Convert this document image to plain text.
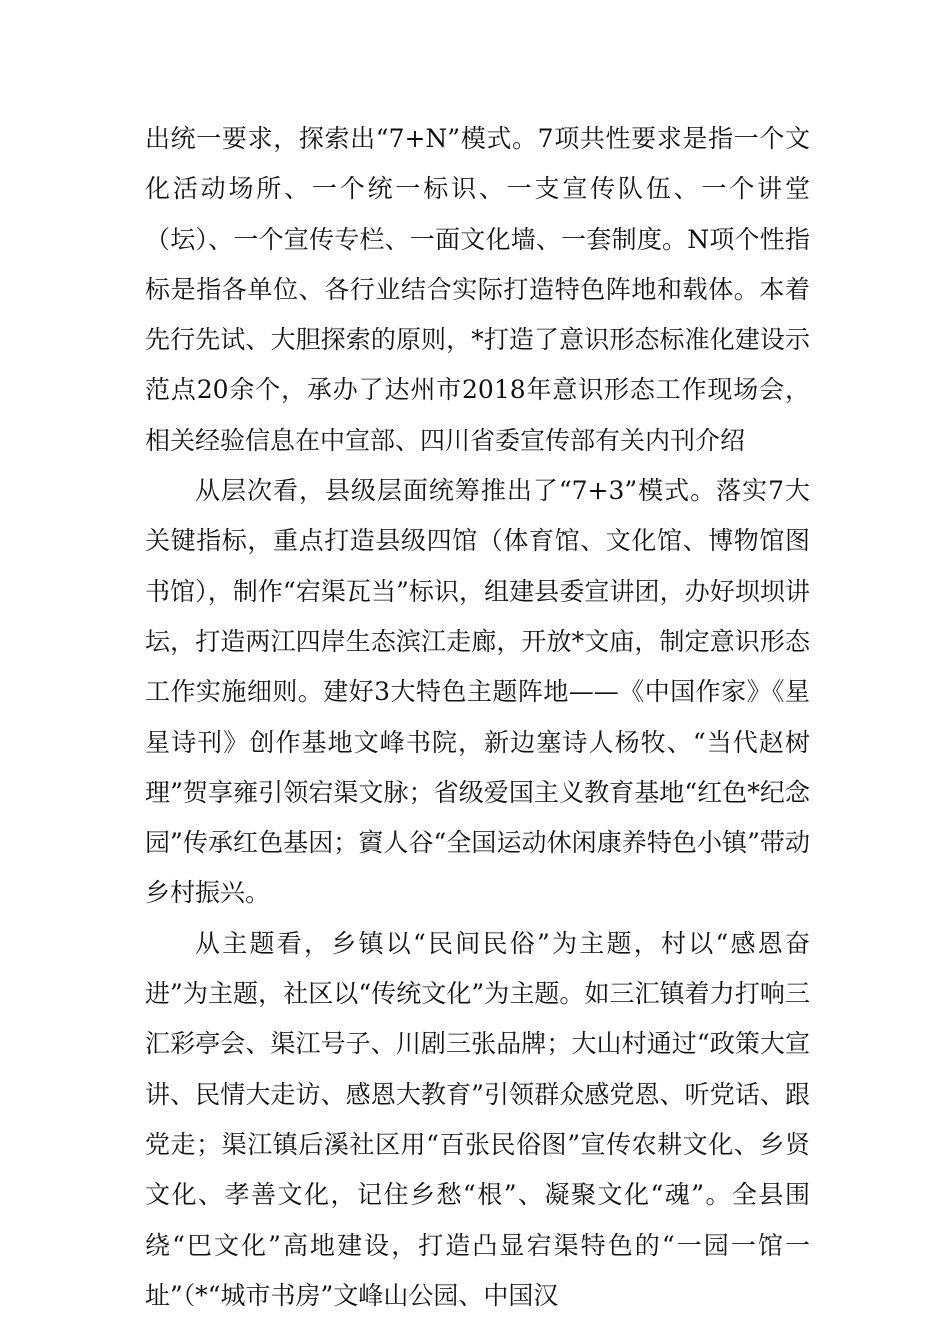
出统一要求，探索出“7+N”模式。7项共性要求是指一个文化活动场所、一个统一标识、一支宣传队伍、一个讲堂（坛）、一个宣传专栏、一面文化墙、一套制度。N项个性指标是指各单位、各行业结合实际打造特色阵地和载体。本着先行先试、大胆探索的原则，*打造了意识形态标准化建设示范点20余个，承办了达州市2018年意识形态工作现场会，相关经验信息在中宣部、四川省委宣传部有关内刊介绍

从层次看，县级层面统筹推出了“7+3”模式。落实7大关键指标，重点打造县级四馆（体育馆、文化馆、博物馆图书馆），制作“宕渠瓦当”标识，组建县委宣讲团，办好坝坝讲坛，打造两江四岸生态滨江走廊，开放*文庙，制定意识形态工作实施细则。建好3大特色主题阵地——《中国作家》《星星诗刊》创作基地文峰书院，新边塞诗人杨牧、“当代赵树理”贺享雍引领宕渠文脉；省级爱国主义教育基地“红色*纪念园”传承红色基因；賨人谷“全国运动休闲康养特色小镇”带动乡村振兴。

从主题看，乡镇以“民间民俗”为主题，村以“感恩奋进”为主题，社区以“传统文化”为主题。如三汇镇着力打响三汇彩亭会、渠江号子、川剧三张品牌；大山村通过“政策大宣讲、民情大走访、感恩大教育”引领群众感党恩、听党话、跟党走；渠江镇后溪社区用“百张民俗图”宣传农耕文化、乡贤文化、孝善文化，记住乡愁“根”、凝聚文化“魂”。全县围绕“巴文化”高地建设，打造凸显宕渠特色的“一园一馆一址”（*“城市书房”文峰山公园、中国汉
